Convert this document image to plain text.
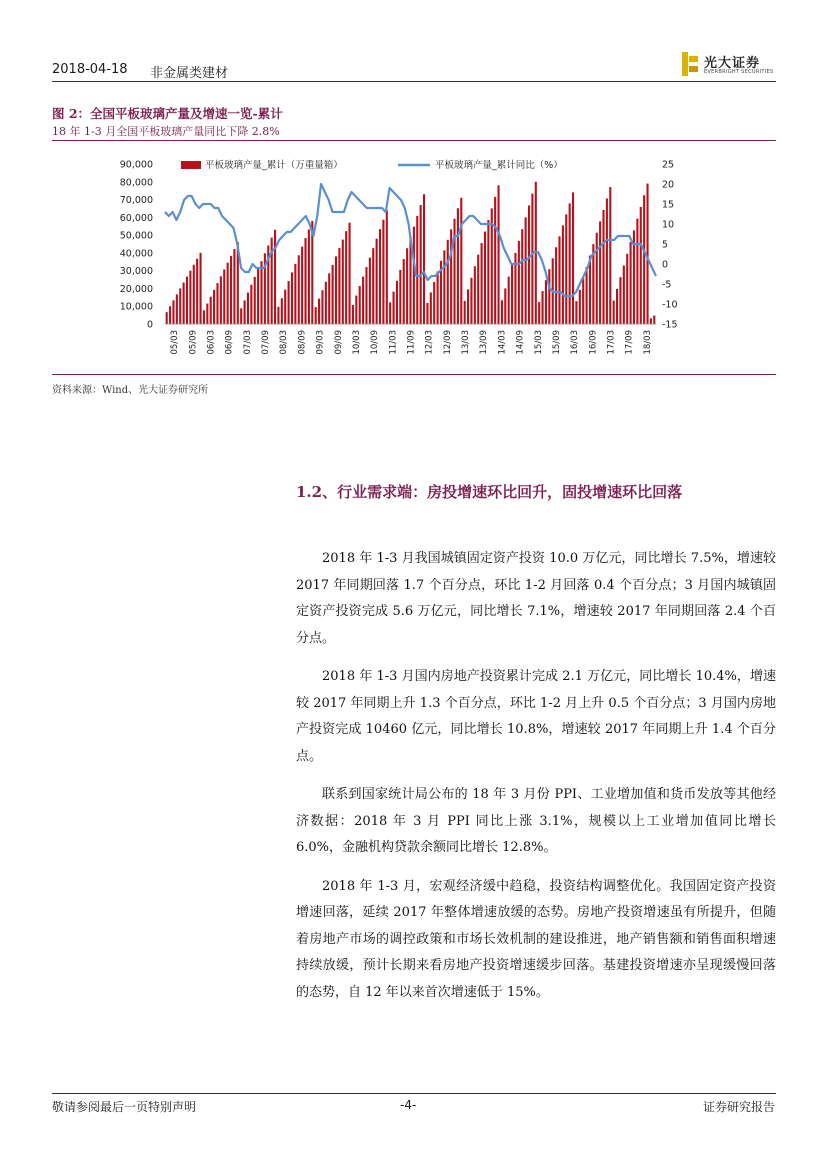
2018-04-18 非金属类建材
光大证券
EVERBRIGHT SECURITIES
图 2：全国平板玻璃产量及增速一览-累计
18 年 1-3 月全国平板玻璃产量同比下降 2.8%
90,000
80,000
70,000
60,000
50,000
40,000
30,000
20,000
10,000
0
25
20
15
10
5
0
-5
-10
-15
05/03 05/09 06/03 06/09 07/03 07/09 08/03 08/09 09/03 09/09 10/03 10/09 11/03 11/09 12/03 12/09 13/03 13/09 14/03 14/09 15/03 15/09 16/03 16/09 17/03 17/09 18/03
平板玻璃产量_累计（万重量箱）	平板玻璃产量_累计同比（%）
资料来源：Wind、光大证券研究所
1.2、行业需求端：房投增速环比回升，固投增速环比回落

2018 年 1-3 月我国城镇固定资产投资 10.0 万亿元，同比增长 7.5%，增速较 2017 年同期回落 1.7 个百分点，环比 1-2 月回落 0.4 个百分点；3 月国内城镇固定资产投资完成 5.6 万亿元，同比增长 7.1%，增速较 2017 年同期回落 2.4 个百分点。

2018 年 1-3 月国内房地产投资累计完成 2.1 万亿元，同比增长 10.4%，增速较 2017 年同期上升 1.3 个百分点，环比 1-2 月上升 0.5 个百分点；3 月国内房地产投资完成 10460 亿元，同比增长 10.8%，增速较 2017 年同期上升 1.4 个百分点。

联系到国家统计局公布的 18 年 3 月份 PPI、工业增加值和货币发放等其他经济数据：2018 年 3 月 PPI 同比上涨 3.1%，规模以上工业增加值同比增长 6.0%，金融机构贷款余额同比增长 12.8%。

2018 年 1-3 月，宏观经济缓中趋稳，投资结构调整优化。我国固定资产投资增速回落，延续 2017 年整体增速放缓的态势。房地产投资增速虽有所提升，但随着房地产市场的调控政策和市场长效机制的建设推进，地产销售额和销售面积增速持续放缓，预计长期来看房地产投资增速缓步回落。基建投资增速亦呈现缓慢回落的态势，自 12 年以来首次增速低于 15%。

敬请参阅最后一页特别声明	-4-	证券研究报告
